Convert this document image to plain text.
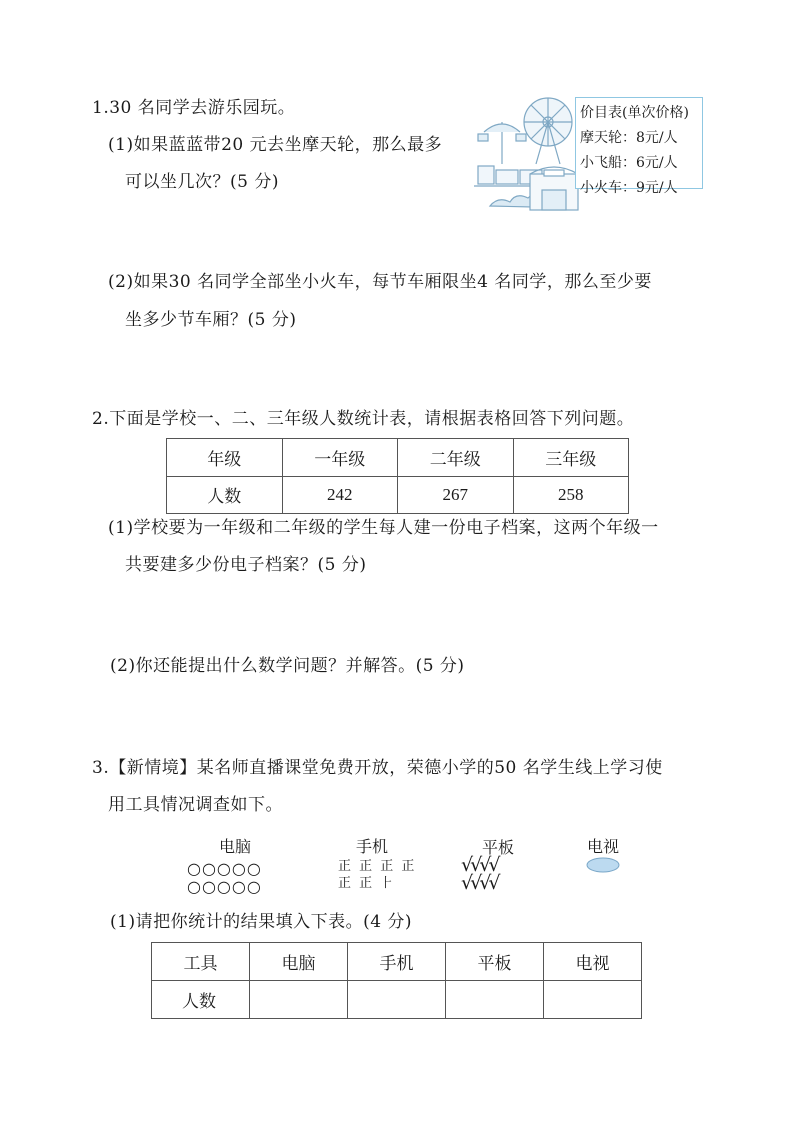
1.30 名同学去游乐园玩。
(1)如果蓝蓝带20 元去坐摩天轮，那么最多
可以坐几次？(5 分)
价目表(单次价格)
摩天轮：8元/人
小飞船：6元/人
小火车：9元/人
(2)如果30 名同学全部坐小火车，每节车厢限坐4 名同学，那么至少要
坐多少节车厢？(5 分)
2.下面是学校一、二、三年级人数统计表，请根据表格回答下列问题。
年级	一年级	二年级	三年级
人数	242	267	258
(1)学校要为一年级和二年级的学生每人建一份电子档案，这两个年级一
共要建多少份电子档案？(5 分)
(2)你还能提出什么数学问题？并解答。(5 分)
3.【新情境】某名师直播课堂免费开放，荣德小学的50 名学生线上学习使
用工具情况调查如下。
电脑
○○○○○
○○○○○
手机
正 正 正 正
正 正 ⺊
平板
√√√√
√√√√
电视
(1)请把你统计的结果填入下表。(4 分)
工具	电脑	手机	平板	电视
人数				
